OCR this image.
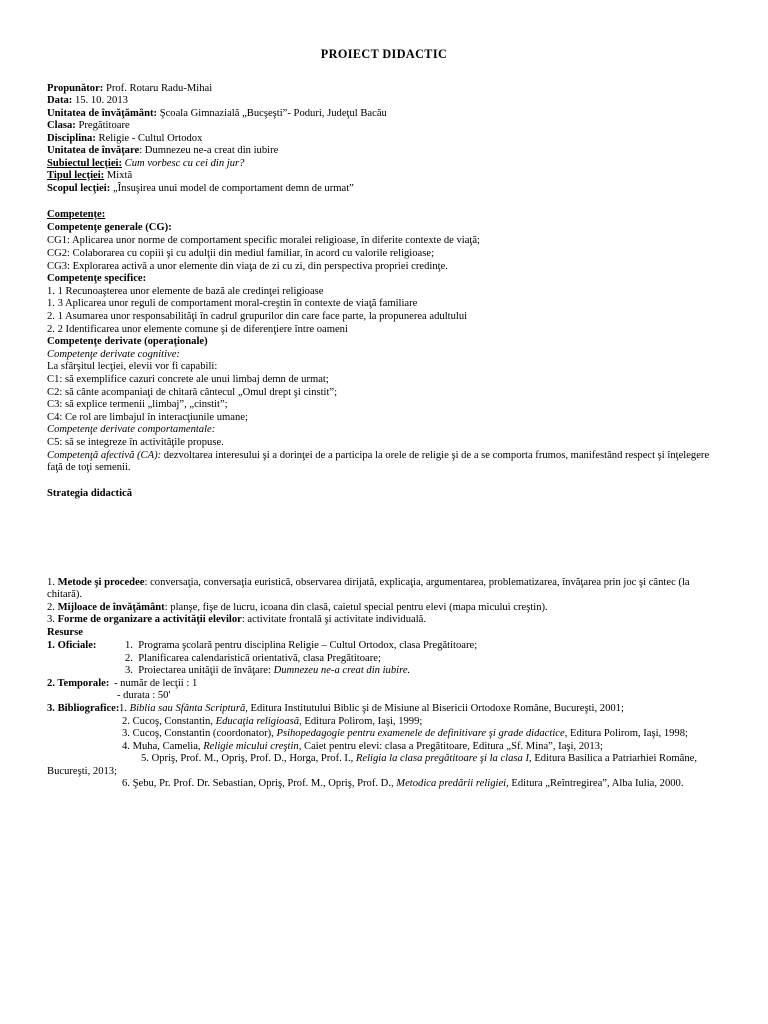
PROIECT DIDACTIC
Propunător: Prof. Rotaru Radu-Mihai
Data: 15. 10. 2013
Unitatea de învăţământ: Şcoala Gimnazială „Bucşeşti”- Poduri, Judeţul Bacău
Clasa: Pregătitoare
Disciplina: Religie - Cultul Ortodox
Unitatea de învăţare: Dumnezeu ne-a creat din iubire
Subiectul lecţiei: Cum vorbesc cu cei din jur?
Tipul lecţiei: Mixtă
Scopul lecţiei: „Însuşirea unui model de comportament demn de urmat”
Competenţe:
Competenţe generale (CG):
CG1: Aplicarea unor norme de comportament specific moralei religioase, în diferite contexte de viaţă;
CG2: Colaborarea cu copiii şi cu adulţii din mediul familiar, în acord cu valorile religioase;
CG3: Explorarea activă a unor elemente din viaţa de zi cu zi, din perspectiva propriei credinţe.
Competenţe specifice:
1. 1 Recunoaşterea unor elemente de bază ale credinţei religioase
1. 3 Aplicarea unor reguli de comportament moral-creştin în contexte de viaţă familiare
2. 1 Asumarea unor responsabilităţi în cadrul grupurilor din care face parte, la propunerea adultului
2. 2 Identificarea unor elemente comune şi de diferenţiere între oameni
Competenţe derivate (operaţionale)
Competenţe derivate cognitive:
La sfârşitul lecţiei, elevii vor fi capabili:
C1: să exemplifice cazuri concrete ale unui limbaj demn de urmat;
C2: să cânte acompaniaţi de chitară cântecul „Omul drept şi cinstit”;
C3: să explice termenii „limbaj”, „cinstit”;
C4: Ce rol are limbajul în interacţiunile umane;
Competenţe derivate comportamentale:
C5: să se integreze în activităţile propuse.
Competenţă afectivă (CA): dezvoltarea interesului şi a dorinţei de a participa la orele de religie şi de a se comporta frumos, manifestând respect şi înţelegere
faţă de toţi semenii.
Strategia didactică
1. Metode şi procedee: conversaţia, conversaţia euristică, observarea dirijată, explicaţia, argumentarea, problematizarea, învăţarea prin joc şi cântec (la
chitară).
2. Mijloace de învăţământ: planşe, fişe de lucru, icoana din clasă, caietul special pentru elevi (mapa micului creştin).
3. Forme de organizare a activităţii elevilor: activitate frontală şi activitate individuală.
Resurse
1. Oficiale:	1. Programa şcolară pentru disciplina Religie – Cultul Ortodox, clasa Pregătitoare;
2. Planificarea calendaristică orientativă, clasa Pregătitoare;
3. Proiectarea unităţii de învăţare: Dumnezeu ne-a creat din iubire.
2. Temporale: - număr de lecţii : 1
- durata : 50'
3. Bibliografice: 1. Biblia sau Sfânta Scriptură, Editura Institutului Biblic şi de Misiune al Bisericii Ortodoxe Române, Bucureşti, 2001;
2. Cucoş, Constantin, Educaţia religioasă, Editura Polirom, Iaşi, 1999;
3. Cucoş, Constantin (coordonator), Psihopedagogie pentru examenele de definitivare şi grade didactice, Editura Polirom, Iaşi, 1998;
4. Muha, Camelia, Religie micului creştin, Caiet pentru elevi: clasa a Pregătitoare, Editura „Sf. Mina”, Iaşi, 2013;
5. Opriş, Prof. M., Opriş, Prof. D., Horga, Prof. I., Religia la clasa pregătitoare şi la clasa I, Editura Basilica a Patriarhiei Române,
Bucureşti, 2013;
6. Şebu, Pr. Prof. Dr. Sebastian, Opriş, Prof. M., Opriş, Prof. D., Metodica predării religiei, Editura „Reîntregirea”, Alba Iulia, 2000.
